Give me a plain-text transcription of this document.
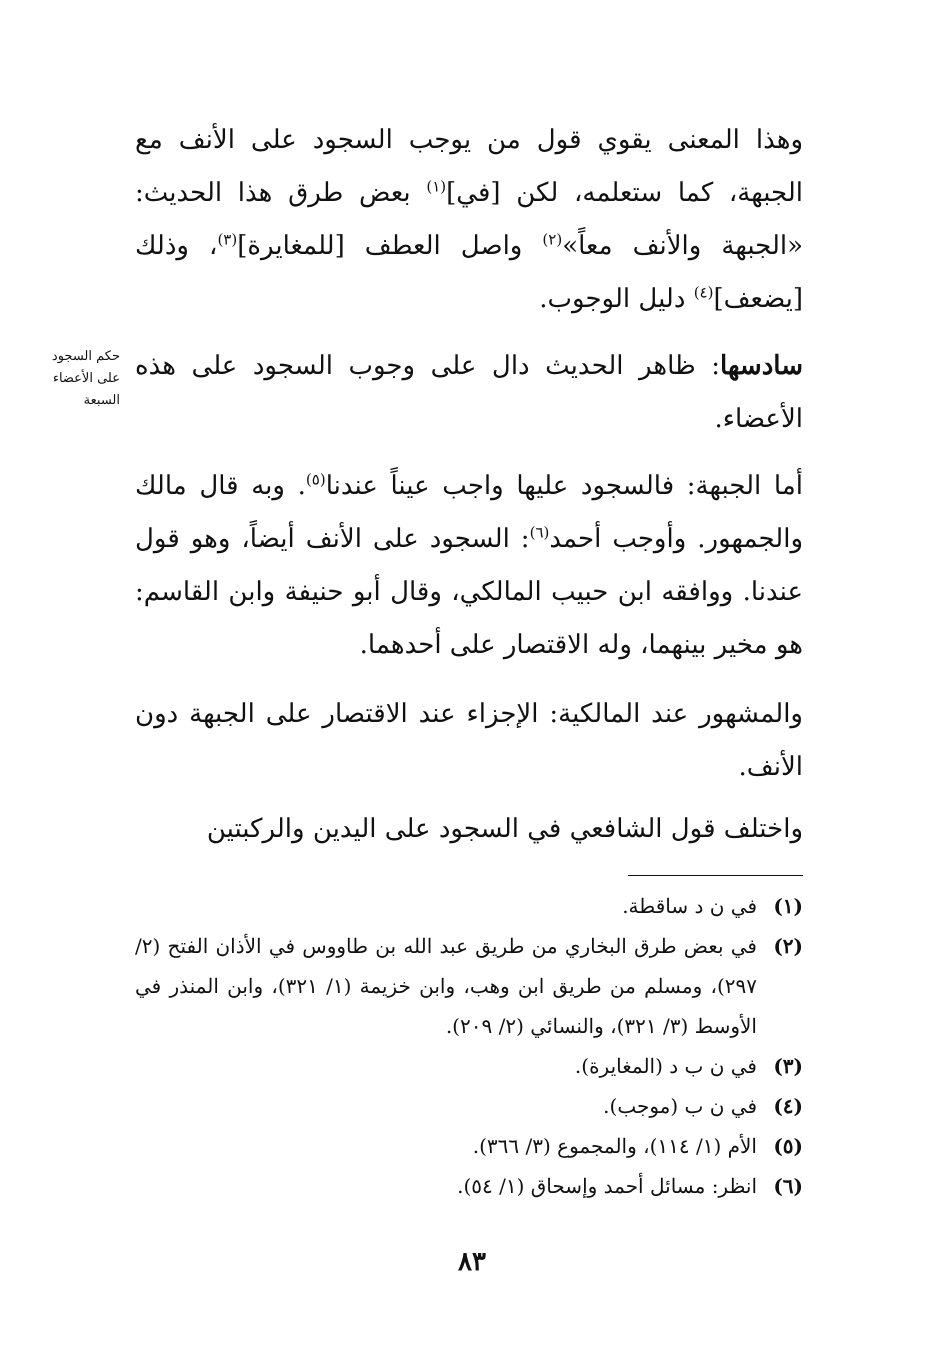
وهذا المعنى يقوي قول من يوجب السجود على الأنف مع الجبهة، كما ستعلمه، لكن [في]$^{(١)}$ بعض طرق هذا الحديث: «الجبهة والأنف معاً»$^{(٢)}$ واصل العطف [للمغايرة]$^{(٣)}$، وذلك [يضعف]$^{(٤)}$ دليل الوجوب.
حكم السجود
على الأعضاء
السبعة
سادسها: ظاهر الحديث دال على وجوب السجود على هذه الأعضاء.
أما الجبهة: فالسجود عليها واجب عيناً عندنا$^{(٥)}$. وبه قال مالك والجمهور. وأوجب أحمد$^{(٦)}$: السجود على الأنف أيضاً، وهو قول عندنا. ووافقه ابن حبيب المالكي، وقال أبو حنيفة وابن القاسم: هو مخير بينهما، وله الاقتصار على أحدهما.
والمشهور عند المالكية: الإجزاء عند الاقتصار على الجبهة دون الأنف.
واختلف قول الشافعي في السجود على اليدين والركبتين
(١)
في ن د ساقطة.
(٢)
في بعض طرق البخاري من طريق عبد الله بن طاووس في الأذان الفتح (٢/ ٢٩٧)، ومسلم من طريق ابن وهب، وابن خزيمة (١/ ٣٢١)، وابن المنذر في الأوسط (٣/ ٣٢١)، والنسائي (٢/ ٢٠٩).
(٣)
في ن ب د (المغايرة).
(٤)
في ن ب (موجب).
(٥)
الأم (١/ ١١٤)، والمجموع (٣/ ٣٦٦).
(٦)
انظر: مسائل أحمد وإسحاق (١/ ٥٤).
٨٣
